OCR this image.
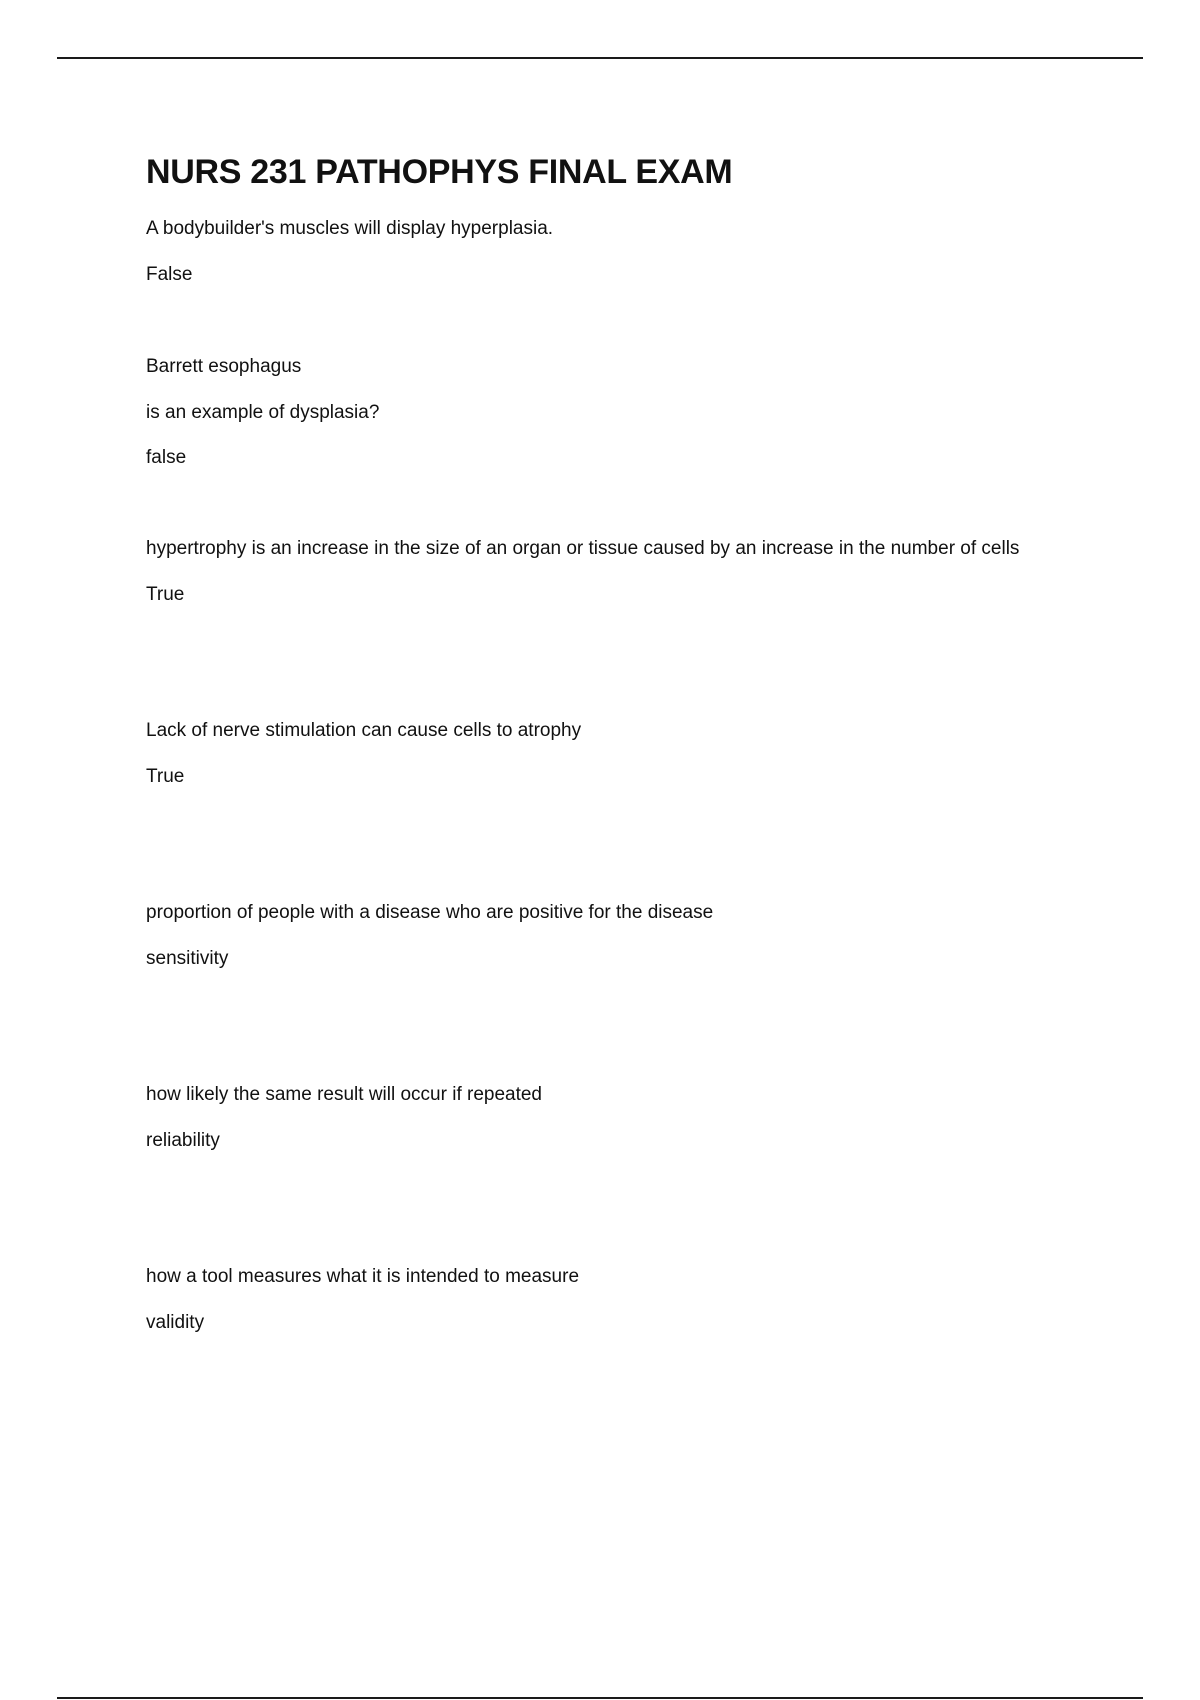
NURS 231 PATHOPHYS FINAL EXAM
A bodybuilder's muscles will display hyperplasia.
False
Barrett esophagus
is an example of dysplasia?
false
hypertrophy is an increase in the size of an organ or tissue caused by an increase in the number of cells
True
Lack of nerve stimulation can cause cells to atrophy
True
proportion of people with a disease who are positive for the disease
sensitivity
how likely the same result will occur if repeated
reliability
how a tool measures what it is intended to measure
validity
